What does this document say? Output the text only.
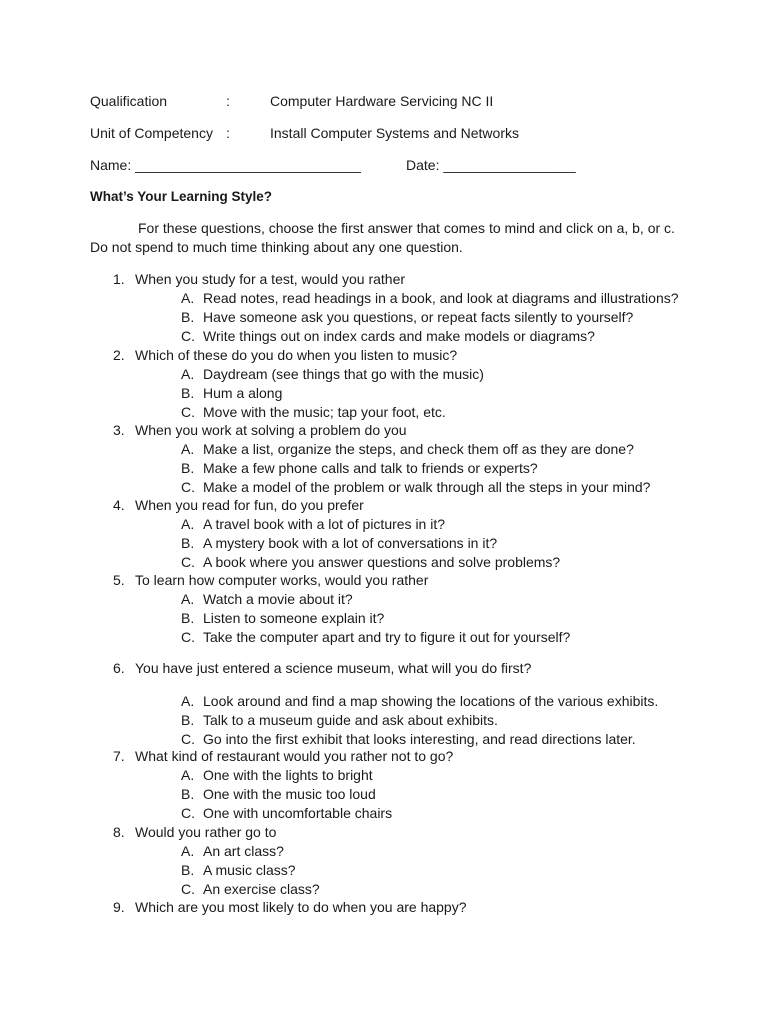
Qualification	:	Computer Hardware Servicing NC II
Unit of Competency :	Install Computer Systems and Networks
Name: _____________________________	Date: _________________
What’s Your Learning Style?
For these questions, choose the first answer that comes to mind and click on a, b, or c. Do not spend to much time thinking about any one question.
1. When you study for a test, would you rather
A. Read notes, read headings in a book, and look at diagrams and illustrations?
B. Have someone ask you questions, or repeat facts silently to yourself?
C. Write things out on index cards and make models or diagrams?
2. Which of these do you do when you listen to music?
A. Daydream (see things that go with the music)
B. Hum a along
C. Move with the music; tap your foot, etc.
3. When you work at solving a problem do you
A. Make a list, organize the steps, and check them off as they are done?
B. Make a few phone calls and talk to friends or experts?
C. Make a model of the problem or walk through all the steps in your mind?
4. When you read for fun, do you prefer
A. A travel book with a lot of pictures in it?
B. A mystery book with a lot of conversations in it?
C. A book where you answer questions and solve problems?
5. To learn how computer works, would you rather
A. Watch a movie about it?
B. Listen to someone explain it?
C. Take the computer apart and try to figure it out for yourself?
6. You have just entered a science museum, what will you do first?
A. Look around and find a map showing the locations of the various exhibits.
B. Talk to a museum guide and ask about exhibits.
C. Go into the first exhibit that looks interesting, and read directions later.
7. What kind of restaurant would you rather not to go?
A. One with the lights to bright
B. One with the music too loud
C. One with uncomfortable chairs
8. Would you rather go to
A. An art class?
B. A music class?
C. An exercise class?
9. Which are you most likely to do when you are happy?
